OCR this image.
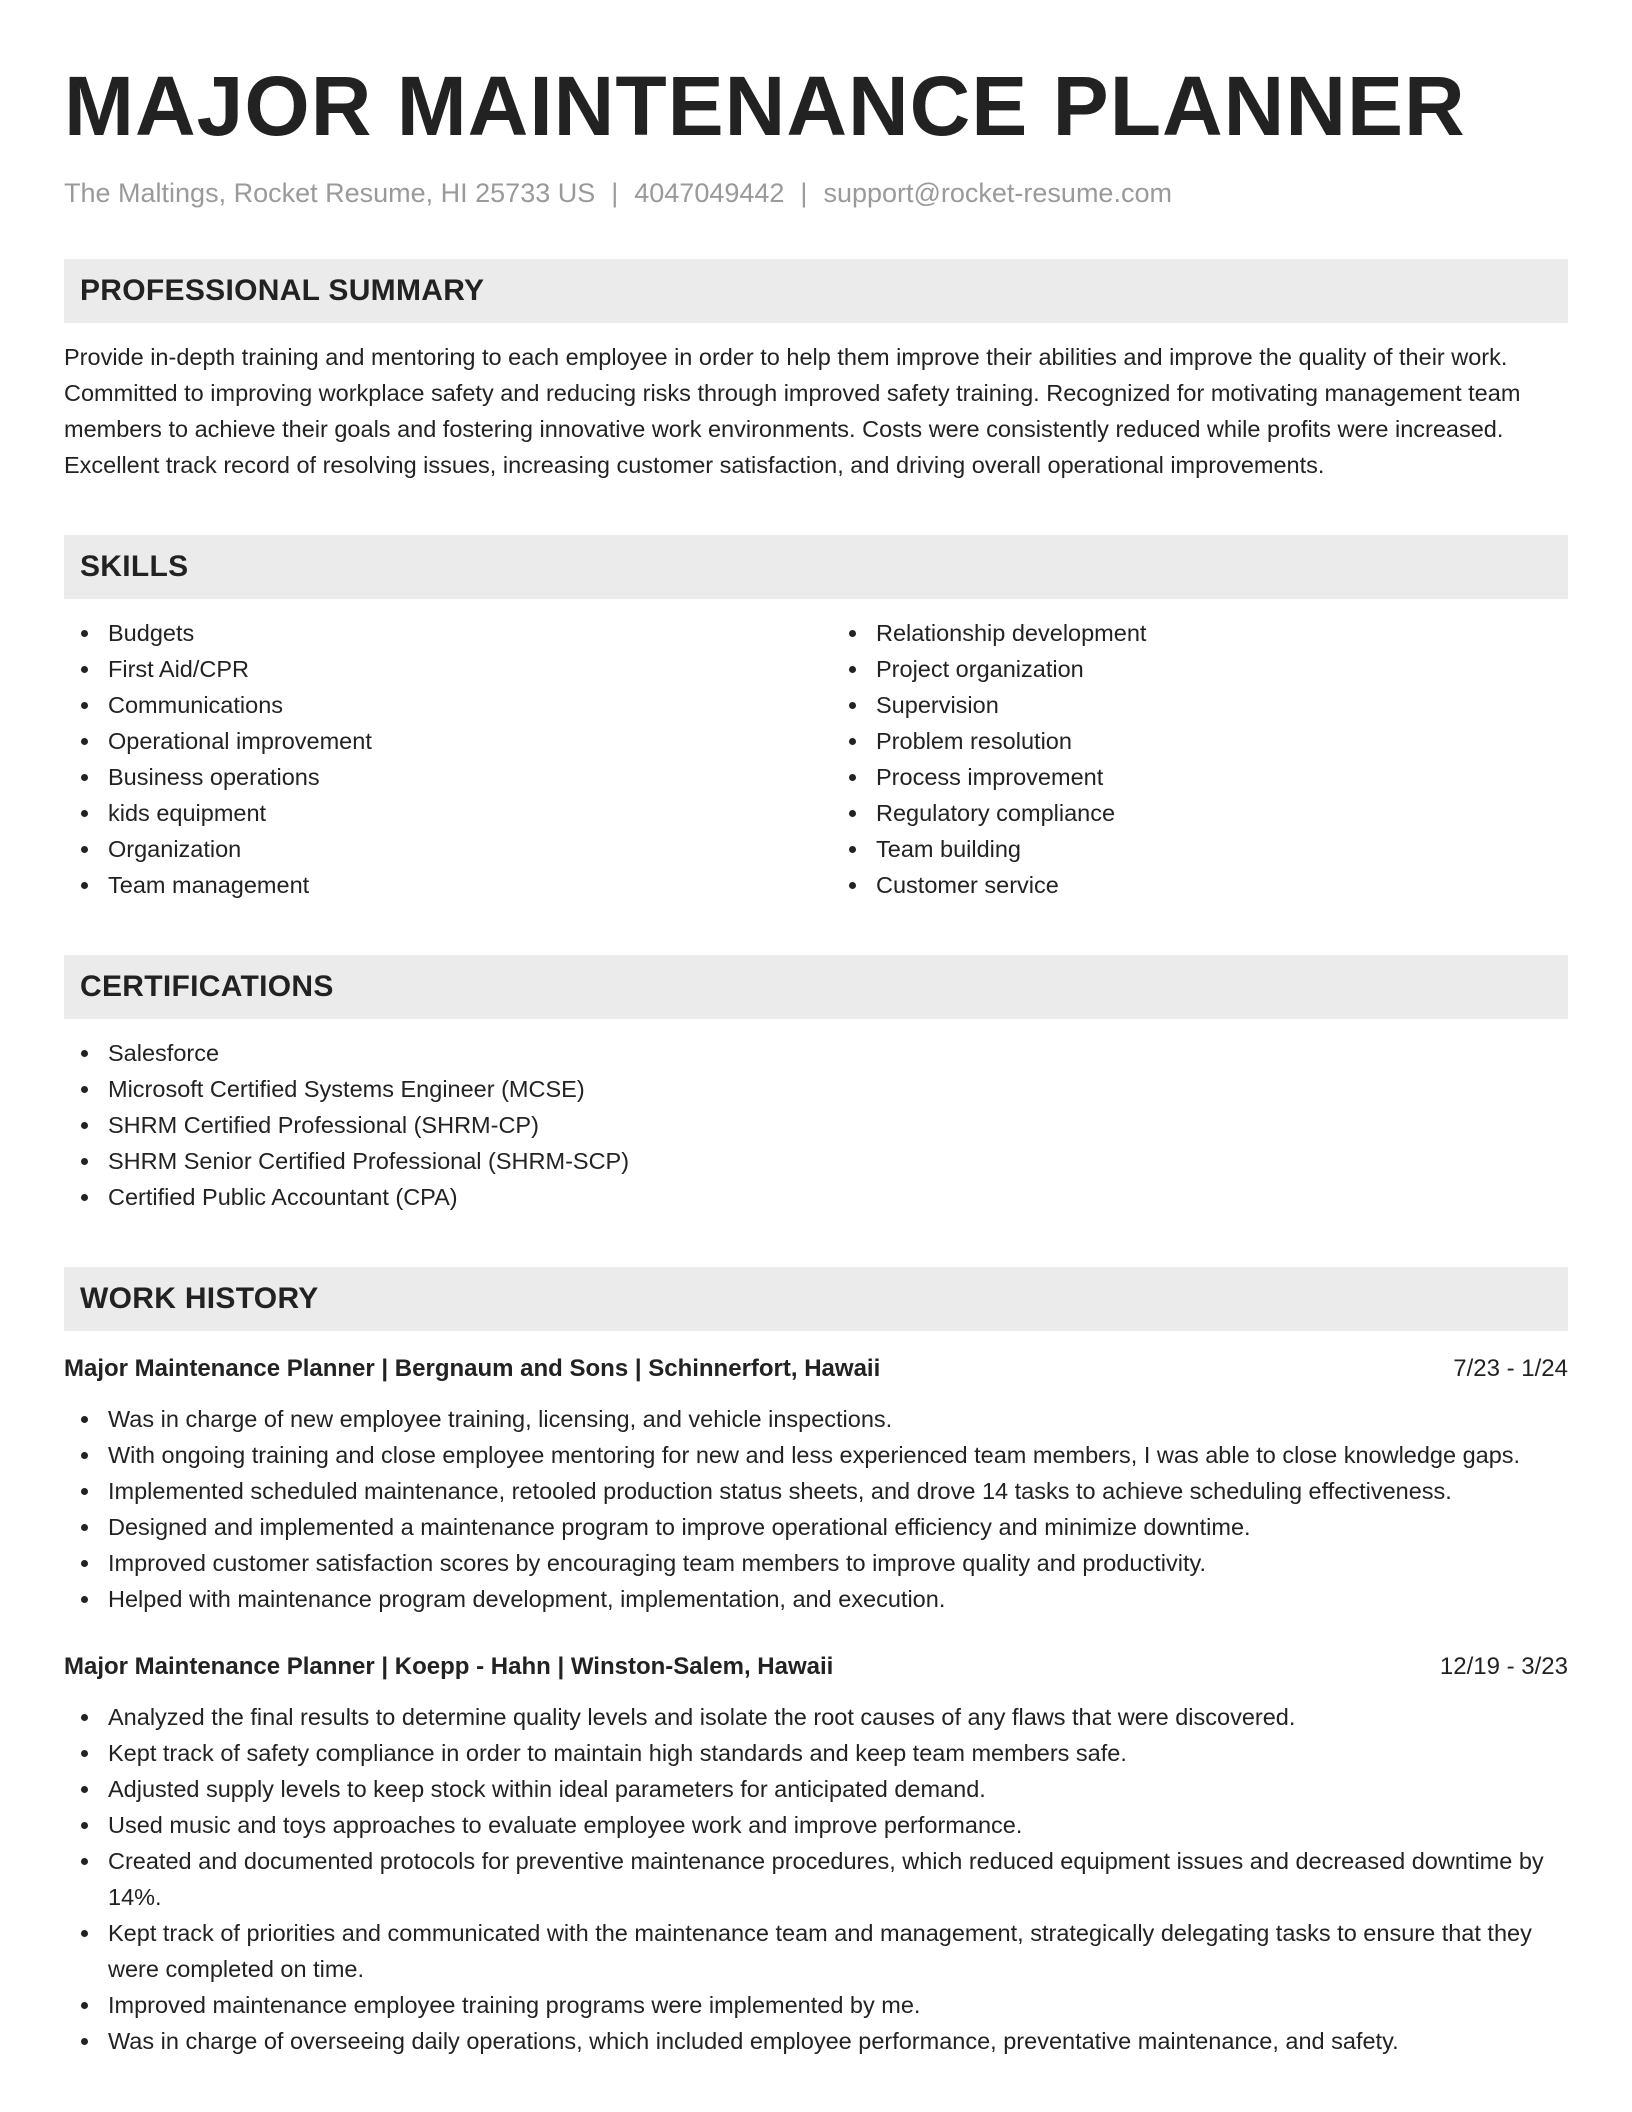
MAJOR MAINTENANCE PLANNER
The Maltings, Rocket Resume, HI 25733 US | 4047049442 | support@rocket-resume.com
PROFESSIONAL SUMMARY

Provide in-depth training and mentoring to each employee in order to help them improve their abilities and improve the quality of their work. Committed to improving workplace safety and reducing risks through improved safety training. Recognized for motivating management team members to achieve their goals and fostering innovative work environments. Costs were consistently reduced while profits were increased. Excellent track record of resolving issues, increasing customer satisfaction, and driving overall operational improvements.

SKILLS
Budgets
First Aid/CPR
Communications
Operational improvement
Business operations
kids equipment
Organization
Team management
Relationship development
Project organization
Supervision
Problem resolution
Process improvement
Regulatory compliance
Team building
Customer service
CERTIFICATIONS
Salesforce
Microsoft Certified Systems Engineer (MCSE)
SHRM Certified Professional (SHRM-CP)
SHRM Senior Certified Professional (SHRM-SCP)
Certified Public Accountant (CPA)
WORK HISTORY
Major Maintenance Planner | Bergnaum and Sons | Schinnerfort, Hawaii	7/23 - 1/24
Was in charge of new employee training, licensing, and vehicle inspections.
With ongoing training and close employee mentoring for new and less experienced team members, I was able to close knowledge gaps.
Implemented scheduled maintenance, retooled production status sheets, and drove 14 tasks to achieve scheduling effectiveness.
Designed and implemented a maintenance program to improve operational efficiency and minimize downtime.
Improved customer satisfaction scores by encouraging team members to improve quality and productivity.
Helped with maintenance program development, implementation, and execution.
Major Maintenance Planner | Koepp - Hahn | Winston-Salem, Hawaii	12/19 - 3/23
Analyzed the final results to determine quality levels and isolate the root causes of any flaws that were discovered.
Kept track of safety compliance in order to maintain high standards and keep team members safe.
Adjusted supply levels to keep stock within ideal parameters for anticipated demand.
Used music and toys approaches to evaluate employee work and improve performance.
Created and documented protocols for preventive maintenance procedures, which reduced equipment issues and decreased downtime by 14%.
Kept track of priorities and communicated with the maintenance team and management, strategically delegating tasks to ensure that they were completed on time.
Improved maintenance employee training programs were implemented by me.
Was in charge of overseeing daily operations, which included employee performance, preventative maintenance, and safety.
